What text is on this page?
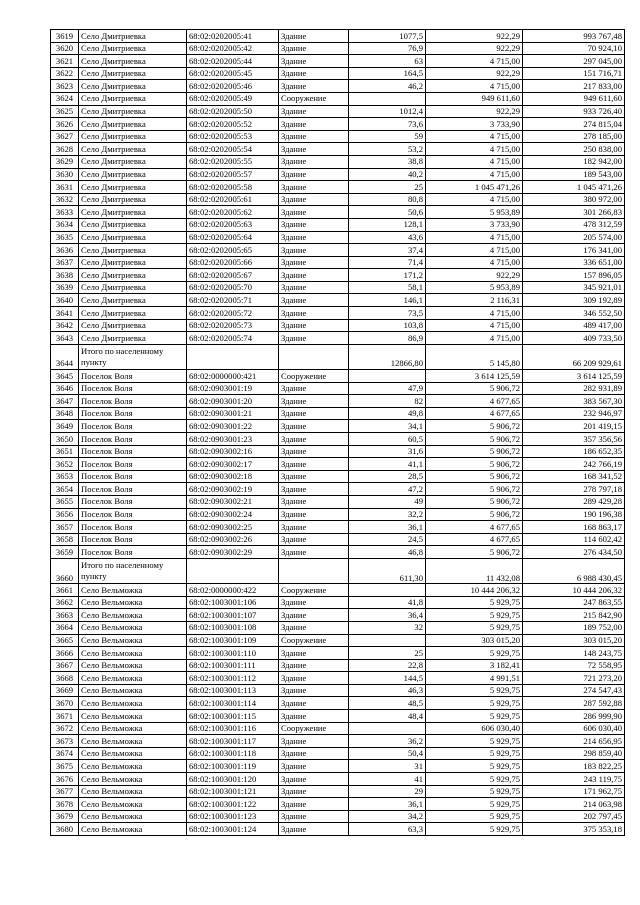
3619	Село Дмитриевка	68:02:0202005:41	Здание	1077,5	922,29	993 767,48
3620	Село Дмитриевка	68:02:0202005:42	Здание	76,9	922,29	70 924,10
3621	Село Дмитриевка	68:02:0202005:44	Здание	63	4 715,00	297 045,00
3622	Село Дмитриевка	68:02:0202005:45	Здание	164,5	922,29	151 716,71
3623	Село Дмитриевка	68:02:0202005:46	Здание	46,2	4 715,00	217 833,00
3624	Село Дмитриевка	68:02:0202005:49	Сооружение		949 611,60	949 611,60
3625	Село Дмитриевка	68:02:0202005:50	Здание	1012,4	922,29	933 726,40
3626	Село Дмитриевка	68:02:0202005:52	Здание	73,6	3 733,90	274 815,04
3627	Село Дмитриевка	68:02:0202005:53	Здание	59	4 715,00	278 185,00
3628	Село Дмитриевка	68:02:0202005:54	Здание	53,2	4 715,00	250 838,00
3629	Село Дмитриевка	68:02:0202005:55	Здание	38,8	4 715,00	182 942,00
3630	Село Дмитриевка	68:02:0202005:57	Здание	40,2	4 715,00	189 543,00
3631	Село Дмитриевка	68:02:0202005:58	Здание	25	1 045 471,26	1 045 471,26
3632	Село Дмитриевка	68:02:0202005:61	Здание	80,8	4 715,00	380 972,00
3633	Село Дмитриевка	68:02:0202005:62	Здание	50,6	5 953,89	301 266,83
3634	Село Дмитриевка	68:02:0202005:63	Здание	128,1	3 733,90	478 312,59
3635	Село Дмитриевка	68:02:0202005:64	Здание	43,6	4 715,00	205 574,00
3636	Село Дмитриевка	68:02:0202005:65	Здание	37,4	4 715,00	176 341,00
3637	Село Дмитриевка	68:02:0202005:66	Здание	71,4	4 715,00	336 651,00
3638	Село Дмитриевка	68:02:0202005:67	Здание	171,2	922,29	157 896,05
3639	Село Дмитриевка	68:02:0202005:70	Здание	58,1	5 953,89	345 921,01
3640	Село Дмитриевка	68:02:0202005:71	Здание	146,1	2 116,31	309 192,89
3641	Село Дмитриевка	68:02:0202005:72	Здание	73,5	4 715,00	346 552,50
3642	Село Дмитриевка	68:02:0202005:73	Здание	103,8	4 715,00	489 417,00
3643	Село Дмитриевка	68:02:0202005:74	Здание	86,9	4 715,00	409 733,50
3644	Итого по населенному пункту			12866,80	5 145,80	66 209 929,61
3645	Поселок Воля	68:02:0000000:421	Сооружение		3 614 125,59	3 614 125,59
3646	Поселок Воля	68:02:0903001:19	Здание	47,9	5 906,72	282 931,89
3647	Поселок Воля	68:02:0903001:20	Здание	82	4 677,65	383 567,30
3648	Поселок Воля	68:02:0903001:21	Здание	49,8	4 677,65	232 946,97
3649	Поселок Воля	68:02:0903001:22	Здание	34,1	5 906,72	201 419,15
3650	Поселок Воля	68:02:0903001:23	Здание	60,5	5 906,72	357 356,56
3651	Поселок Воля	68:02:0903002:16	Здание	31,6	5 906,72	186 652,35
3652	Поселок Воля	68:02:0903002:17	Здание	41,1	5 906,72	242 766,19
3653	Поселок Воля	68:02:0903002:18	Здание	28,5	5 906,72	168 341,52
3654	Поселок Воля	68:02:0903002:19	Здание	47,2	5 906,72	278 797,18
3655	Поселок Воля	68:02:0903002:21	Здание	49	5 906,72	289 429,28
3656	Поселок Воля	68:02:0903002:24	Здание	32,2	5 906,72	190 196,38
3657	Поселок Воля	68:02:0903002:25	Здание	36,1	4 677,65	168 863,17
3658	Поселок Воля	68:02:0903002:26	Здание	24,5	4 677,65	114 602,42
3659	Поселок Воля	68:02:0903002:29	Здание	46,8	5 906,72	276 434,50
3660	Итого по населенному пункту			611,30	11 432,08	6 988 430,45
3661	Село Вельможка	68:02:0000000:422	Сооружение		10 444 206,32	10 444 206,32
3662	Село Вельможка	68:02:1003001:106	Здание	41,8	5 929,75	247 863,55
3663	Село Вельможка	68:02:1003001:107	Здание	36,4	5 929,75	215 842,90
3664	Село Вельможка	68:02:1003001:108	Здание	32	5 929,75	189 752,00
3665	Село Вельможка	68:02:1003001:109	Сооружение		303 015,20	303 015,20
3666	Село Вельможка	68:02:1003001:110	Здание	25	5 929,75	148 243,75
3667	Село Вельможка	68:02:1003001:111	Здание	22,8	3 182,41	72 558,95
3668	Село Вельможка	68:02:1003001:112	Здание	144,5	4 991,51	721 273,20
3669	Село Вельможка	68:02:1003001:113	Здание	46,3	5 929,75	274 547,43
3670	Село Вельможка	68:02:1003001:114	Здание	48,5	5 929,75	287 592,88
3671	Село Вельможка	68:02:1003001:115	Здание	48,4	5 929,75	286 999,90
3672	Село Вельможка	68:02:1003001:116	Сооружение		606 030,40	606 030,40
3673	Село Вельможка	68:02:1003001:117	Здание	36,2	5 929,75	214 656,95
3674	Село Вельможка	68:02:1003001:118	Здание	50,4	5 929,75	298 859,40
3675	Село Вельможка	68:02:1003001:119	Здание	31	5 929,75	183 822,25
3676	Село Вельможка	68:02:1003001:120	Здание	41	5 929,75	243 119,75
3677	Село Вельможка	68:02:1003001:121	Здание	29	5 929,75	171 962,75
3678	Село Вельможка	68:02:1003001:122	Здание	36,1	5 929,75	214 063,98
3679	Село Вельможка	68:02:1003001:123	Здание	34,2	5 929,75	202 797,45
3680	Село Вельможка	68:02:1003001:124	Здание	63,3	5 929,75	375 353,18
